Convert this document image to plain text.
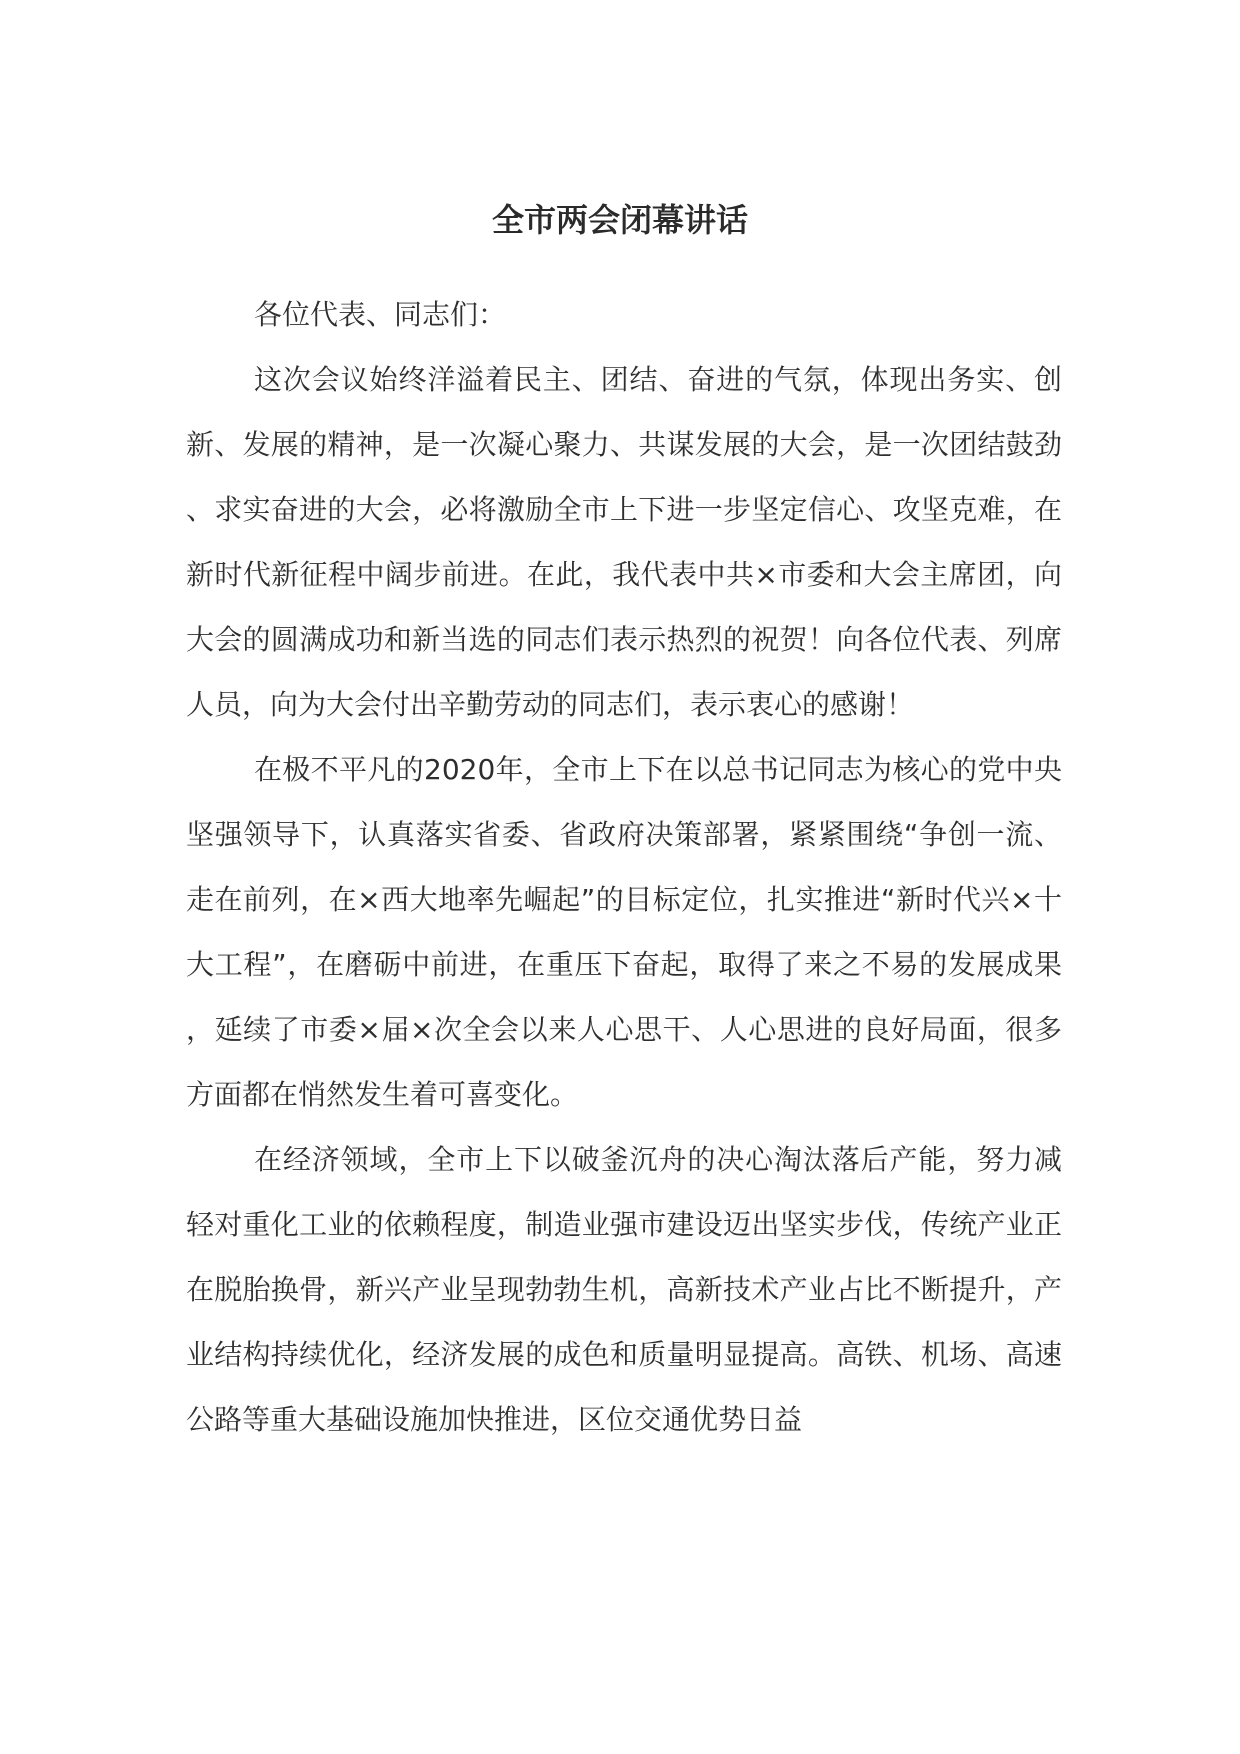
全市两会闭幕讲话

各位代表、同志们：

这次会议始终洋溢着民主、团结、奋进的气氛，体现出务实、创新、发展的精神，是一次凝心聚力、共谋发展的大会，是一次团结鼓劲、求实奋进的大会，必将激励全市上下进一步坚定信心、攻坚克难，在新时代新征程中阔步前进。在此，我代表中共×市委和大会主席团，向大会的圆满成功和新当选的同志们表示热烈的祝贺！向各位代表、列席人员，向为大会付出辛勤劳动的同志们，表示衷心的感谢！

在极不平凡的2020年，全市上下在以总书记同志为核心的党中央坚强领导下，认真落实省委、省政府决策部署，紧紧围绕“争创一流、走在前列，在×西大地率先崛起”的目标定位，扎实推进“新时代兴×十大工程”，在磨砺中前进，在重压下奋起，取得了来之不易的发展成果，延续了市委×届×次全会以来人心思干、人心思进的良好局面，很多方面都在悄然发生着可喜变化。

在经济领域，全市上下以破釜沉舟的决心淘汰落后产能，努力减轻对重化工业的依赖程度，制造业强市建设迈出坚实步伐，传统产业正在脱胎换骨，新兴产业呈现勃勃生机，高新技术产业占比不断提升，产业结构持续优化，经济发展的成色和质量明显提高。高铁、机场、高速公路等重大基础设施加快推进，区位交通优势日益
